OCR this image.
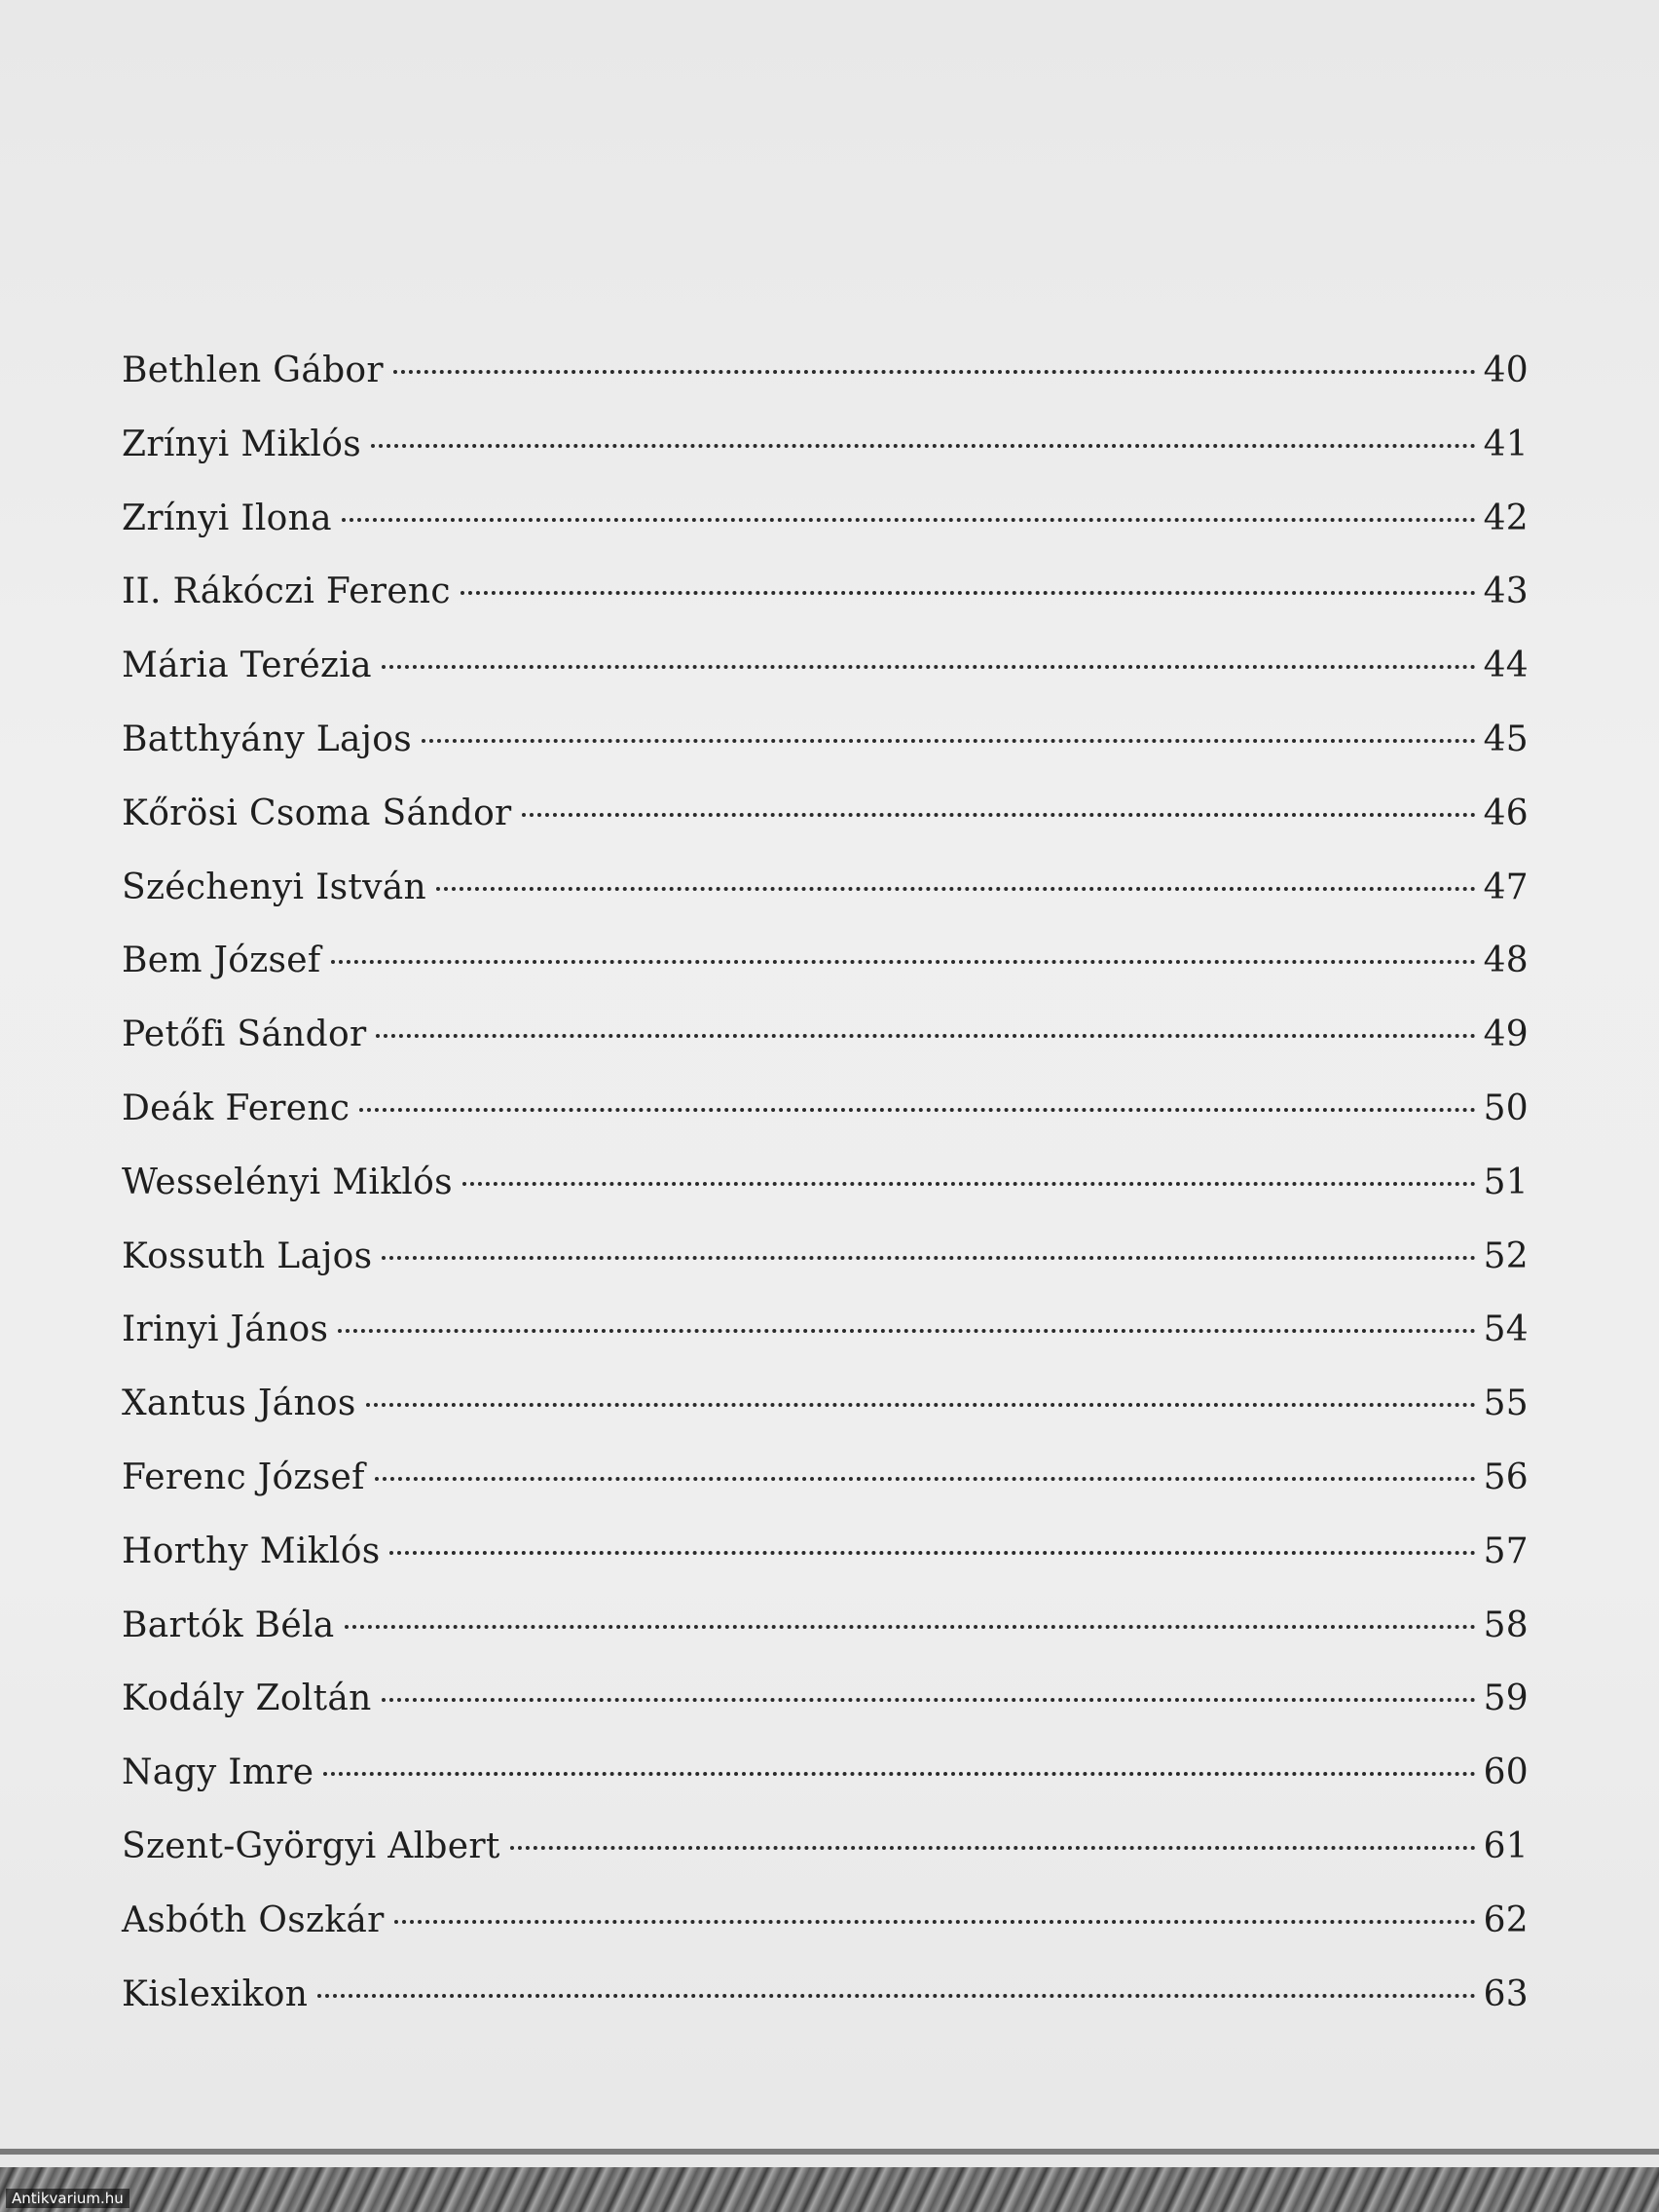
Bethlen Gábor	40
Zrínyi Miklós	41
Zrínyi Ilona	42
II. Rákóczi Ferenc	43
Mária Terézia	44
Batthyány Lajos	45
Kőrösi Csoma Sándor	46
Széchenyi István	47
Bem József	48
Petőfi Sándor	49
Deák Ferenc	50
Wesselényi Miklós	51
Kossuth Lajos	52
Irinyi János	54
Xantus János	55
Ferenc József	56
Horthy Miklós	57
Bartók Béla	58
Kodály Zoltán	59
Nagy Imre	60
Szent-Györgyi Albert	61
Asbóth Oszkár	62
Kislexikon	63
Antikvarium.hu
